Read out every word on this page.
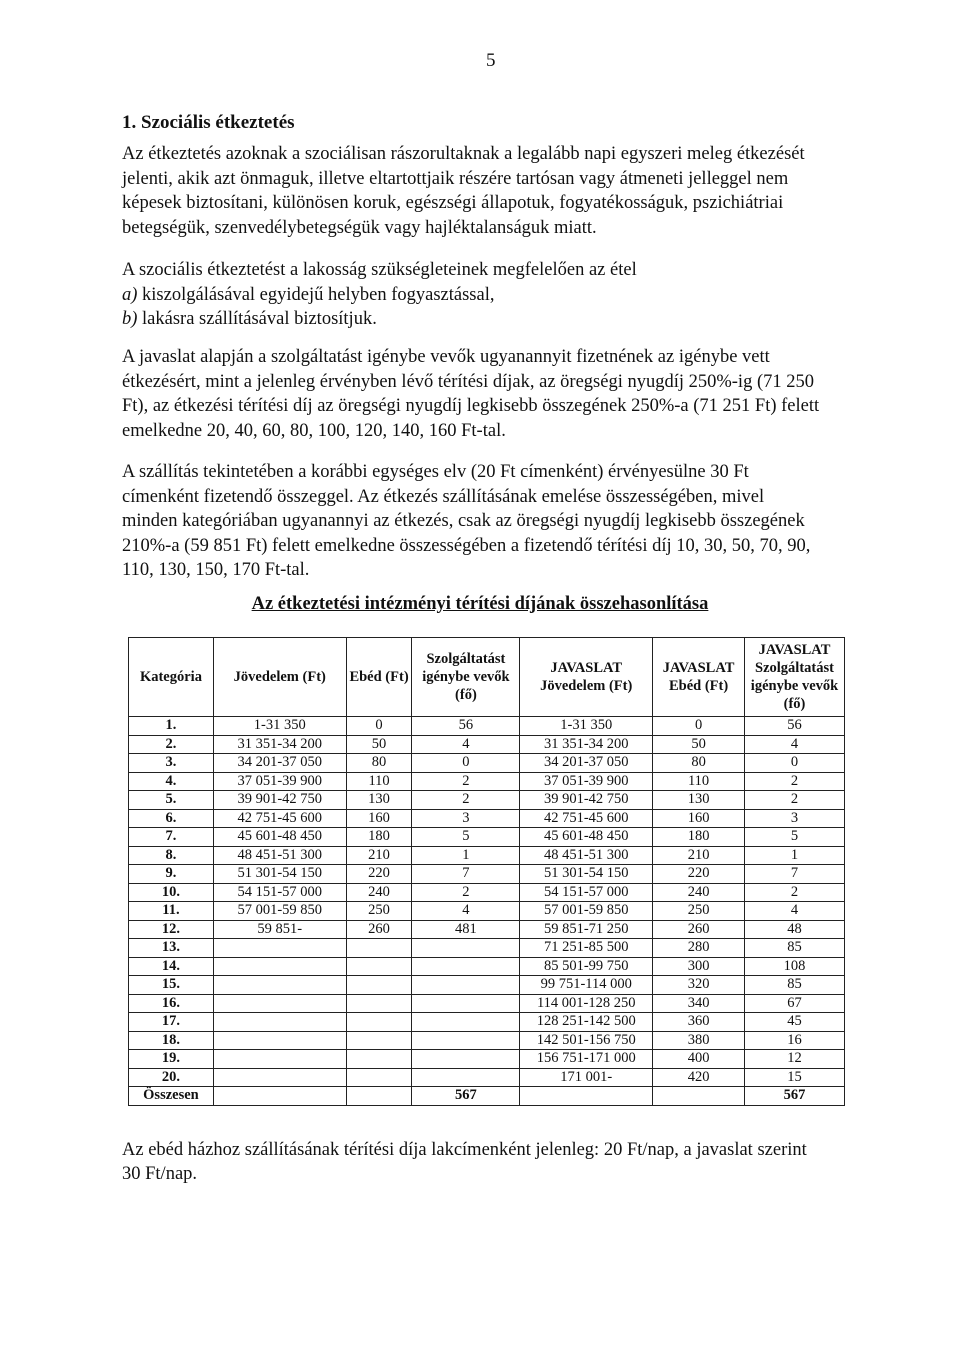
5
1. Szociális étkeztetés

Az étkeztetés azoknak a szociálisan rászorultaknak a legalább napi egyszeri meleg étkezését
jelenti, akik azt önmaguk, illetve eltartottjaik részére tartósan vagy átmeneti jelleggel nem
képesek biztosítani, különösen koruk, egészségi állapotuk, fogyatékosságuk, pszichiátriai
betegségük, szenvedélybetegségük vagy hajléktalanságuk miatt.

A szociális étkeztetést a lakosság szükségleteinek megfelelően az étel
a) kiszolgálásával egyidejű helyben fogyasztással,
b) lakásra szállításával biztosítjuk.

A javaslat alapján a szolgáltatást igénybe vevők ugyanannyit fizetnének az igénybe vett
étkezésért, mint a jelenleg érvényben lévő térítési díjak, az öregségi nyugdíj 250%-ig (71 250
Ft), az étkezési térítési díj az öregségi nyugdíj legkisebb összegének 250%-a (71 251 Ft) felett
emelkedne 20, 40, 60, 80, 100, 120, 140, 160 Ft-tal.

A szállítás tekintetében a korábbi egységes elv (20 Ft címenként) érvényesülne 30 Ft
címenként fizetendő összeggel. Az étkezés szállításának emelése összességében, mivel
minden kategóriában ugyanannyi az étkezés, csak az öregségi nyugdíj legkisebb összegének
210%-a (59 851 Ft) felett emelkedne összességében a fizetendő térítési díj 10, 30, 50, 70, 90,
110, 130, 150, 170 Ft-tal.

Az étkeztetési intézményi térítési díjának összehasonlítása
Kategória	Jövedelem (Ft)	Ebéd (Ft)	Szolgáltatást igénybe vevők (fő)	JAVASLAT Jövedelem (Ft)	JAVASLAT Ebéd (Ft)	JAVASLAT Szolgáltatást igénybe vevők (fő)
1.	1-31 350	0	56	1-31 350	0	56
2.	31 351-34 200	50	4	31 351-34 200	50	4
3.	34 201-37 050	80	0	34 201-37 050	80	0
4.	37 051-39 900	110	2	37 051-39 900	110	2
5.	39 901-42 750	130	2	39 901-42 750	130	2
6.	42 751-45 600	160	3	42 751-45 600	160	3
7.	45 601-48 450	180	5	45 601-48 450	180	5
8.	48 451-51 300	210	1	48 451-51 300	210	1
9.	51 301-54 150	220	7	51 301-54 150	220	7
10.	54 151-57 000	240	2	54 151-57 000	240	2
11.	57 001-59 850	250	4	57 001-59 850	250	4
12.	59 851-	260	481	59 851-71 250	260	48
13.				71 251-85 500	280	85
14.				85 501-99 750	300	108
15.				99 751-114 000	320	85
16.				114 001-128 250	340	67
17.				128 251-142 500	360	45
18.				142 501-156 750	380	16
19.				156 751-171 000	400	12
20.				171 001-	420	15
Összesen			567			567

Az ebéd házhoz szállításának térítési díja lakcímenként jelenleg: 20 Ft/nap, a javaslat szerint
30 Ft/nap.
